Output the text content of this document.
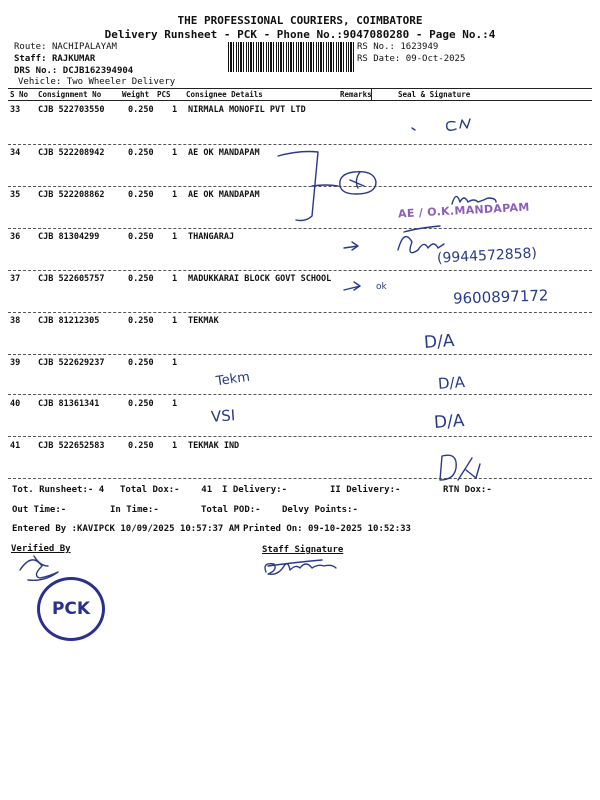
THE PROFESSIONAL COURIERS, COIMBATORE
Delivery Runsheet - PCK - Phone No.:9047080280 - Page No.:4
Route: NACHIPALAYAM
Staff: RAJKUMAR
DRS No.: DCJB162394904
Vehicle: Two Wheeler Delivery
RS No.: 1623949
RS Date: 09-Oct-2025
S No Consignment No	Weight PCS Consignee Details	Remarks	Seal & Signature
33 CJB 522703550	0.250 1 NIRMALA MONOFIL PVT LTD
34 CJB 522208942	0.250 1 AE OK MANDAPAM
35 CJB 522208862	0.250 1 AE OK MANDAPAM
36 CJB 81304299	0.250 1 THANGARAJ
37 CJB 522605757	0.250 1 MADUKKARAI BLOCK GOVT SCHOOL
38 CJB 81212305	0.250 1 TEKMAK
39 CJB 522629237	0.250 1
40 CJB 81361341	0.250 1
41 CJB 522652583	0.250 1 TEKMAK IND
(9944572858)
9600897172
ok
Tekm
VSI
D/A
D/A
D/A
AE / O.K.MANDAPAM
Tot. Runsheet:- 4 Total Dox:- 41 I Delivery:-	II Delivery:-	RTN Dox:-
Out Time:-	In Time:-	Total POD:- Delvy Points:-
Entered By :KAVIPCK 10/09/2025 10:57:37 AM Printed On: 09-10-2025 10:52:33
Verified By	Staff Signature
PCK
